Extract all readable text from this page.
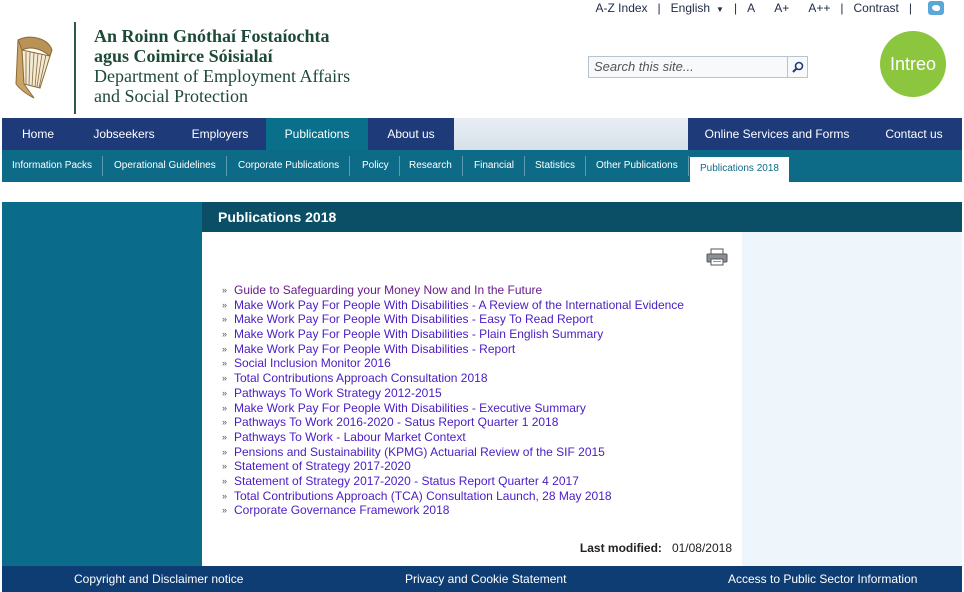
A-Z Index | English ▼ | A A+ A++ | Contrast |
An Roinn Gnóthaí Fostaíochta
agus Coimirce Sóisialaí
Department of Employment Affairs
and Social Protection
Search this site...	Intreo
Home	Jobseekers	Employers	Publications	About us	Online Services and Forms	Contact us
Information Packs	Operational Guidelines	Corporate Publications	Policy	Research	Financial	Statistics	Other Publications	Publications 2018
Publications 2018
» Guide to Safeguarding your Money Now and In the Future
» Make Work Pay For People With Disabilities - A Review of the International Evidence
» Make Work Pay For People With Disabilities - Easy To Read Report
» Make Work Pay For People With Disabilities - Plain English Summary
» Make Work Pay For People With Disabilities - Report
» Social Inclusion Monitor 2016
» Total Contributions Approach Consultation 2018
» Pathways To Work Strategy 2012-2015
» Make Work Pay For People With Disabilities - Executive Summary
» Pathways To Work 2016-2020 - Satus Report Quarter 1 2018
» Pathways To Work - Labour Market Context
» Pensions and Sustainability (KPMG) Actuarial Review of the SIF 2015
» Statement of Strategy 2017-2020
» Statement of Strategy 2017-2020 - Status Report Quarter 4 2017
» Total Contributions Approach (TCA) Consultation Launch, 28 May 2018
» Corporate Governance Framework 2018
Last modified: 01/08/2018
Copyright and Disclaimer notice	Privacy and Cookie Statement	Access to Public Sector Information
